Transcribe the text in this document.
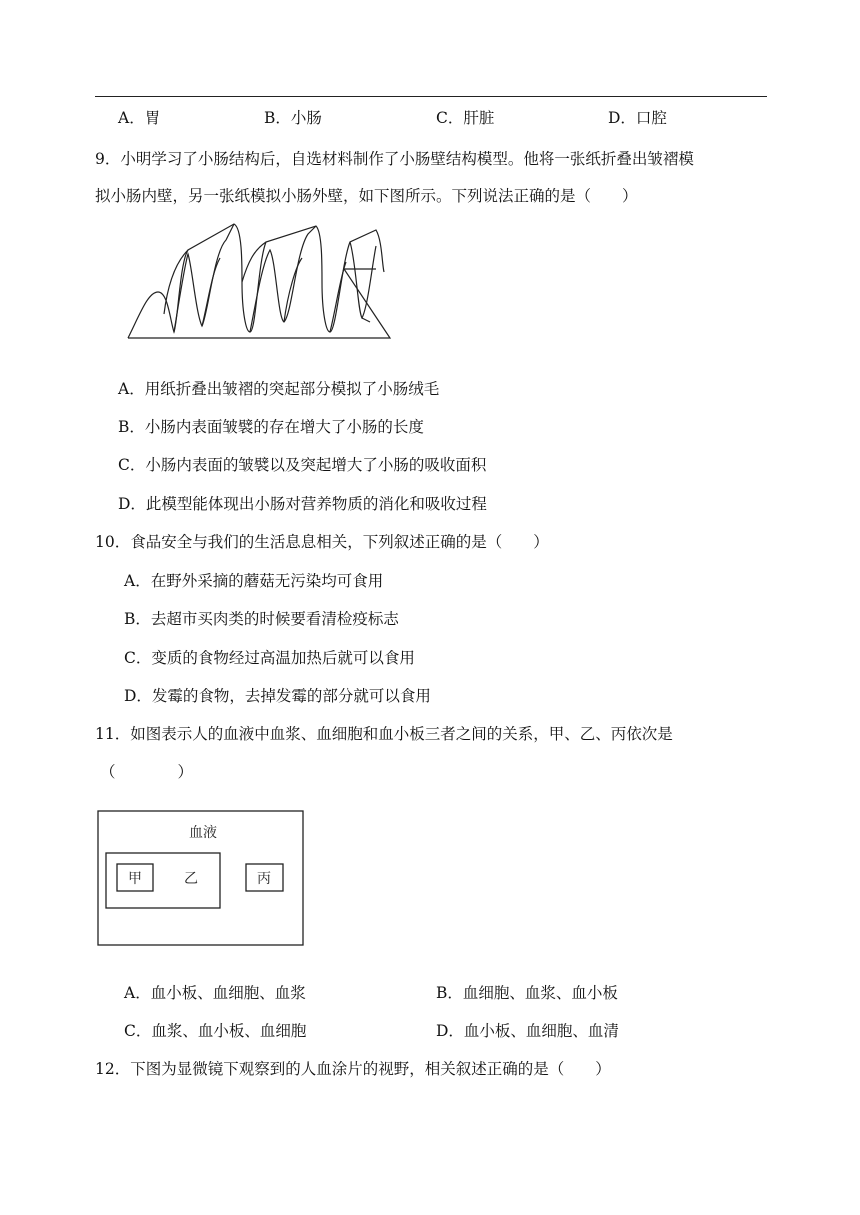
A．胃	B．小肠	C．肝脏	D．口腔
9．小明学习了小肠结构后，自选材料制作了小肠壁结构模型。他将一张纸折叠出皱褶模
拟小肠内壁，另一张纸模拟小肠外壁，如下图所示。下列说法正确的是（　　）
A．用纸折叠出皱褶的突起部分模拟了小肠绒毛
B．小肠内表面皱襞的存在增大了小肠的长度
C．小肠内表面的皱襞以及突起增大了小肠的吸收面积
D．此模型能体现出小肠对营养物质的消化和吸收过程
10．食品安全与我们的生活息息相关，下列叙述正确的是（　　）
A．在野外采摘的蘑菇无污染均可食用
B．去超市买肉类的时候要看清检疫标志
C．变质的食物经过高温加热后就可以食用
D．发霉的食物，去掉发霉的部分就可以食用
11．如图表示人的血液中血浆、血细胞和血小板三者之间的关系，甲、乙、丙依次是
（　　　　）
血液
甲	乙	丙
A．血小板、血细胞、血浆	B．血细胞、血浆、血小板
C．血浆、血小板、血细胞	D．血小板、血细胞、血清
12．下图为显微镜下观察到的人血涂片的视野，相关叙述正确的是（　　）
